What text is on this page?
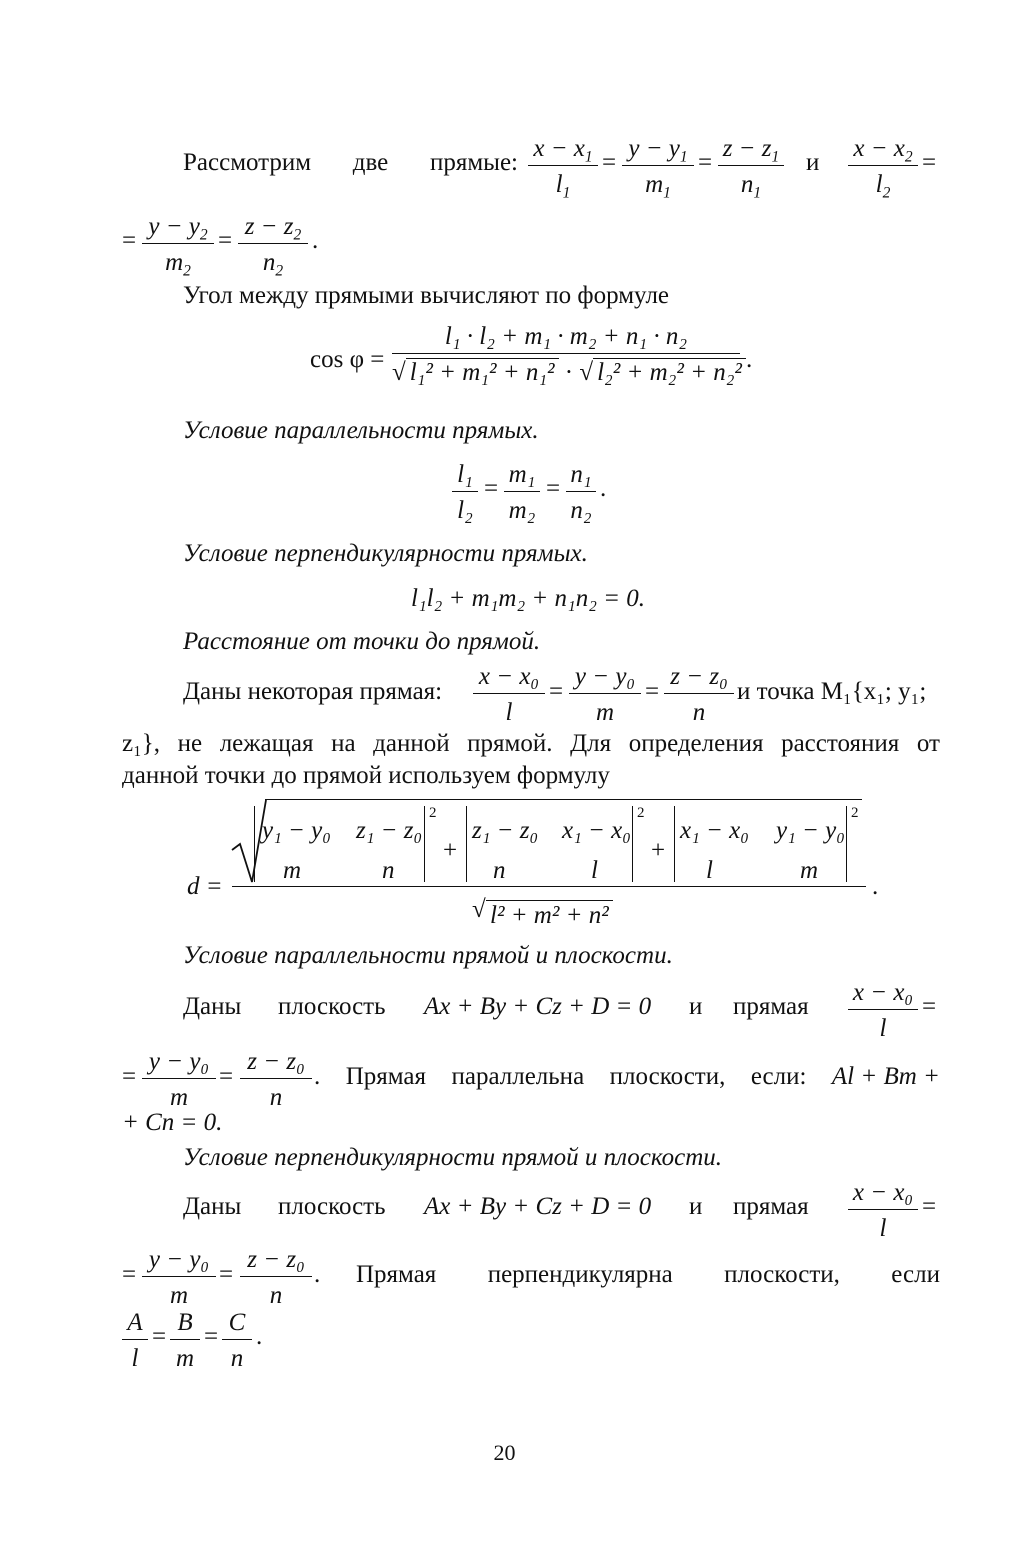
Рассмотрим две прямые:
$x - x_1$
$l_1$
=
$y - y_1$
$m_1$
=
$z - z_1$
$n_1$
и
$x - x_2$
$l_2$
=
=
$y - y_2$
$m_2$
=
$z - z_2$
$n_2$
.
Угол между прямыми вычисляют по формуле
cos φ =
l₁ · l₂ + m₁ · m₂ + n₁ · n₂
√ l₁² + m₁² + n₁² · √ l₂² + m₂² + n₂² .
Условие параллельности прямых.
l₁
l₂
=
m₁
m₂
=
n₁
n₂
.
Условие перпендикулярности прямых.
l₁l₂ + m₁m₂ + n₁n₂ = 0.
Расстояние от точки до прямой.
Даны некоторая прямая:
x − x₀
l
=
y − y₀
m
=
z − z₀
n
и точка M₁{x₁; y₁;
z₁}, не лежащая на данной прямой. Для определения расстояния от
данной точки до прямой используем формулу
d =
y₁ − y₀ z₁ − z₀
m	n
2
+
z₁ − z₀ x₁ − x₀
n	l
2
+
x₁ − x₀ y₁ − y₀
l	m
2
√ l² + m² + n²
.
Условие параллельности прямой и плоскости.
Даны плоскость Ax + By + Cz + D = 0 и прямая
x − x₀
l
=
=
y − y₀
m
=
z − z₀
n
. Прямая параллельна плоскости, если: Al + Bm +
+ Cn = 0.
Условие перпендикулярности прямой и плоскости.
Даны плоскость Ax + By + Cz + D = 0 и прямая
x − x₀
l
=
=
y − y₀
m
=
z − z₀
n
. Прямая перпендикулярна плоскости, если
A
l
=
B
m
=
C
n
.
20
